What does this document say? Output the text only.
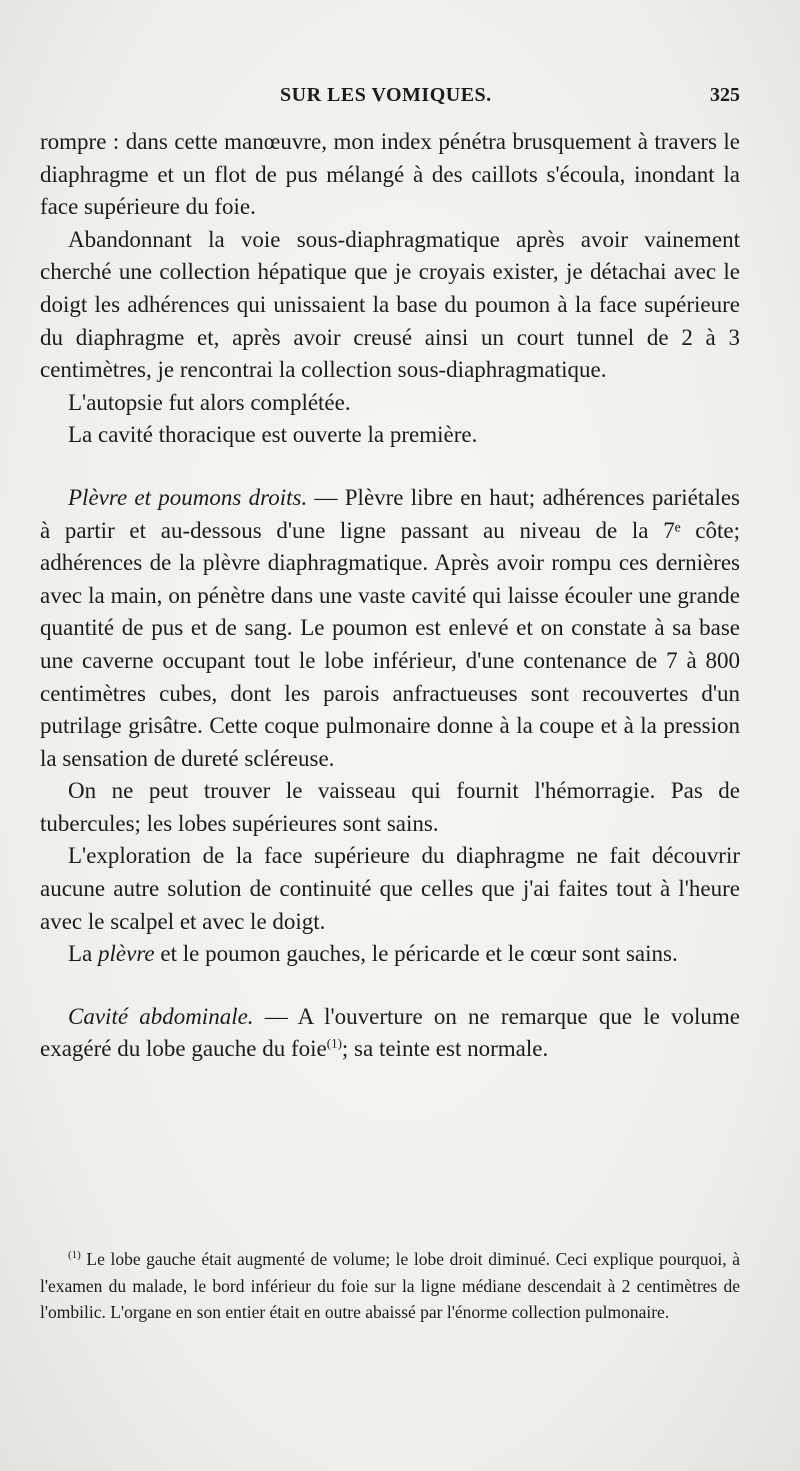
SUR LES VOMIQUES.	325

rompre : dans cette manœuvre, mon index pénétra brusquement à travers le diaphragme et un flot de pus mélangé à des caillots s'écoula, inondant la face supérieure du foie.

Abandonnant la voie sous-diaphragmatique après avoir vainement cherché une collection hépatique que je croyais exister, je détachai avec le doigt les adhérences qui unissaient la base du poumon à la face supérieure du diaphragme et, après avoir creusé ainsi un court tunnel de 2 à 3 centimètres, je rencontrai la collection sous-diaphragmatique.

L'autopsie fut alors complétée.

La cavité thoracique est ouverte la première.

Plèvre et poumons droits. — Plèvre libre en haut; adhérences pariétales à partir et au-dessous d'une ligne passant au niveau de la 7ᵉ côte; adhérences de la plèvre diaphragmatique. Après avoir rompu ces dernières avec la main, on pénètre dans une vaste cavité qui laisse écouler une grande quantité de pus et de sang. Le poumon est enlevé et on constate à sa base une caverne occupant tout le lobe inférieur, d'une contenance de 7 à 800 centimètres cubes, dont les parois anfractueuses sont recouvertes d'un putrilage grisâtre. Cette coque pulmonaire donne à la coupe et à la pression la sensation de dureté scléreuse.

On ne peut trouver le vaisseau qui fournit l'hémorragie. Pas de tubercules; les lobes supérieures sont sains.

L'exploration de la face supérieure du diaphragme ne fait découvrir aucune autre solution de continuité que celles que j'ai faites tout à l'heure avec le scalpel et avec le doigt.

La plèvre et le poumon gauches, le péricarde et le cœur sont sains.

Cavité abdominale. — A l'ouverture on ne remarque que le volume exagéré du lobe gauche du foie$^{(1)}$; sa teinte est normale.

$^{(1)}$ Le lobe gauche était augmenté de volume; le lobe droit diminué. Ceci explique pourquoi, à l'examen du malade, le bord inférieur du foie sur la ligne médiane descendait à 2 centimètres de l'ombilic. L'organe en son entier était en outre abaissé par l'énorme collection pulmonaire.
